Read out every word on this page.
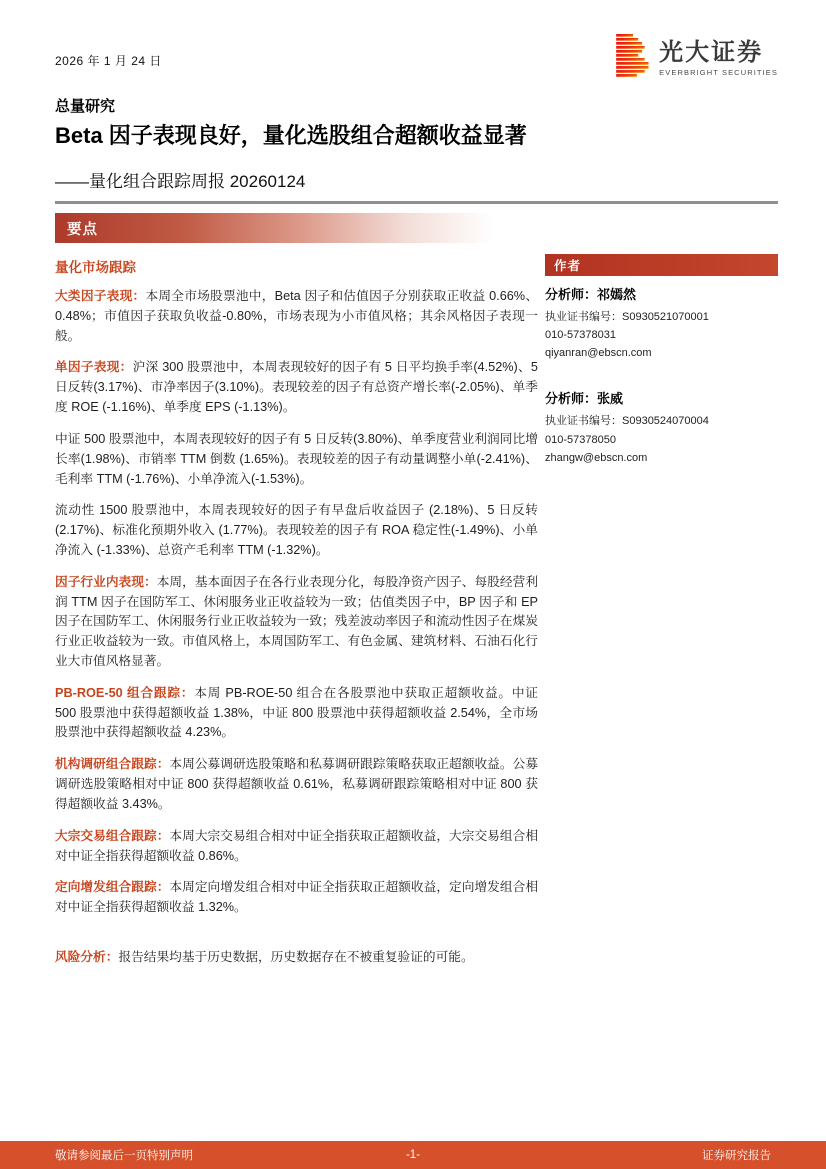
2026 年 1 月 24 日	光大证券
EVERBRIGHT SECURITIES
总量研究
Beta 因子表现良好，量化选股组合超额收益显著
——量化组合跟踪周报 20260124
要点
量化市场跟踪

大类因子表现：本周全市场股票池中，Beta 因子和估值因子分别获取正收益 0.66%、0.48%；市值因子获取负收益-0.80%，市场表现为小市值风格；其余风格因子表现一般。

单因子表现：沪深 300 股票池中，本周表现较好的因子有 5 日平均换手率(4.52%)、5 日反转(3.17%)、市净率因子(3.10%)。表现较差的因子有总资产增长率(-2.05%)、单季度 ROE (-1.16%)、单季度 EPS (-1.13%)。

中证 500 股票池中，本周表现较好的因子有 5 日反转(3.80%)、单季度营业利润同比增长率(1.98%)、市销率 TTM 倒数 (1.65%)。表现较差的因子有动量调整小单(-2.41%)、毛利率 TTM (-1.76%)、小单净流入(-1.53%)。

流动性 1500 股票池中，本周表现较好的因子有早盘后收益因子 (2.18%)、5 日反转 (2.17%)、标准化预期外收入 (1.77%)。表现较差的因子有 ROA 稳定性(-1.49%)、小单净流入 (-1.33%)、总资产毛利率 TTM (-1.32%)。

因子行业内表现：本周，基本面因子在各行业表现分化，每股净资产因子、每股经营利润 TTM 因子在国防军工、休闲服务业正收益较为一致；估值类因子中，BP 因子和 EP 因子在国防军工、休闲服务行业正收益较为一致；残差波动率因子和流动性因子在煤炭行业正收益较为一致。市值风格上，本周国防军工、有色金属、建筑材料、石油石化行业大市值风格显著。

PB-ROE-50 组合跟踪：本周 PB-ROE-50 组合在各股票池中获取正超额收益。中证 500 股票池中获得超额收益 1.38%，中证 800 股票池中获得超额收益 2.54%，全市场股票池中获得超额收益 4.23%。

机构调研组合跟踪：本周公募调研选股策略和私募调研跟踪策略获取正超额收益。公募调研选股策略相对中证 800 获得超额收益 0.61%，私募调研跟踪策略相对中证 800 获得超额收益 3.43%。

大宗交易组合跟踪：本周大宗交易组合相对中证全指获取正超额收益，大宗交易组合相对中证全指获得超额收益 0.86%。

定向增发组合跟踪：本周定向增发组合相对中证全指获取正超额收益，定向增发组合相对中证全指获得超额收益 1.32%。

风险分析：报告结果均基于历史数据，历史数据存在不被重复验证的可能。

作者
分析师：祁嫣然
执业证书编号：S0930521070001
010-57378031
qiyanran@ebscn.com
分析师：张威
执业证书编号：S0930524070004
010-57378050
zhangw@ebscn.com
敬请参阅最后一页特别声明	-1-	证券研究报告
